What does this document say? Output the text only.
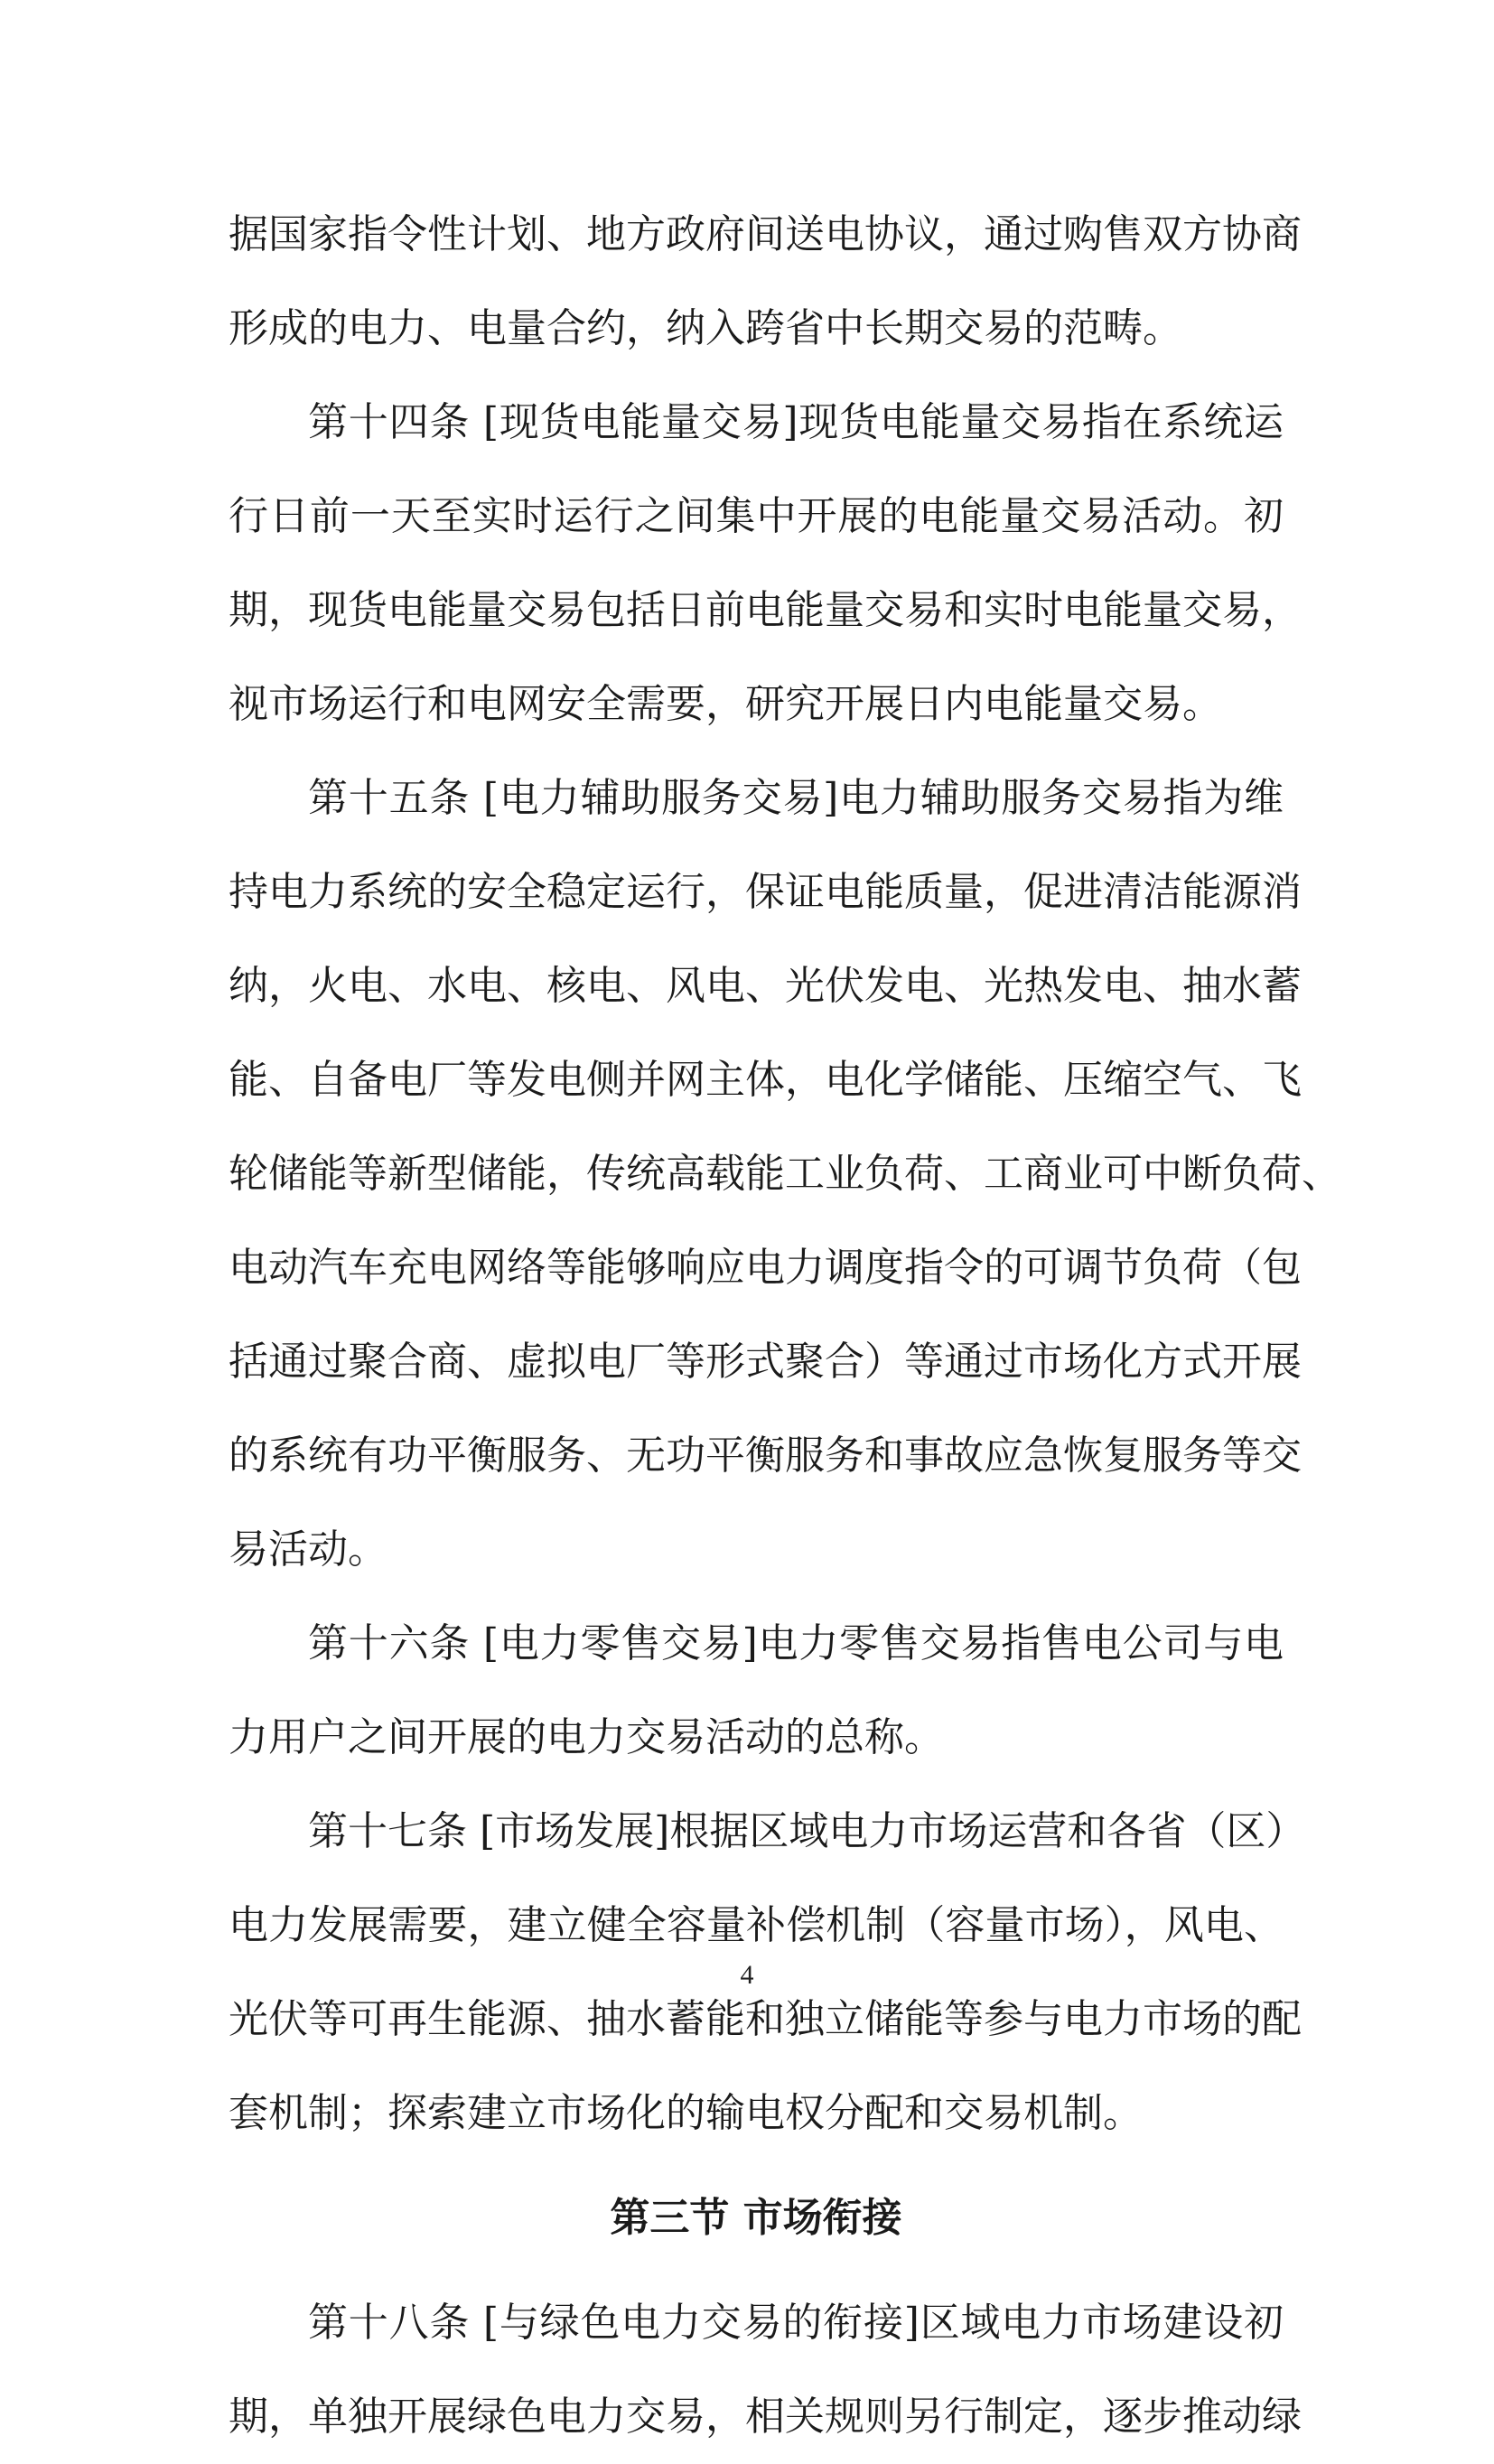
据国家指令性计划、地方政府间送电协议，通过购售双方协商
形成的电力、电量合约，纳入跨省中长期交易的范畴。
第十四条 [现货电能量交易]现货电能量交易指在系统运
行日前一天至实时运行之间集中开展的电能量交易活动。初
期，现货电能量交易包括日前电能量交易和实时电能量交易，
视市场运行和电网安全需要，研究开展日内电能量交易。
第十五条 [电力辅助服务交易]电力辅助服务交易指为维
持电力系统的安全稳定运行，保证电能质量，促进清洁能源消
纳，火电、水电、核电、风电、光伏发电、光热发电、抽水蓄
能、自备电厂等发电侧并网主体，电化学储能、压缩空气、飞
轮储能等新型储能，传统高载能工业负荷、工商业可中断负荷、
电动汽车充电网络等能够响应电力调度指令的可调节负荷（包
括通过聚合商、虚拟电厂等形式聚合）等通过市场化方式开展
的系统有功平衡服务、无功平衡服务和事故应急恢复服务等交
易活动。
第十六条 [电力零售交易]电力零售交易指售电公司与电
力用户之间开展的电力交易活动的总称。
第十七条 [市场发展]根据区域电力市场运营和各省（区）
电力发展需要，建立健全容量补偿机制（容量市场），风电、
光伏等可再生能源、抽水蓄能和独立储能等参与电力市场的配
套机制；探索建立市场化的输电权分配和交易机制。
第三节 市场衔接
第十八条 [与绿色电力交易的衔接]区域电力市场建设初
期，单独开展绿色电力交易，相关规则另行制定，逐步推动绿
4
